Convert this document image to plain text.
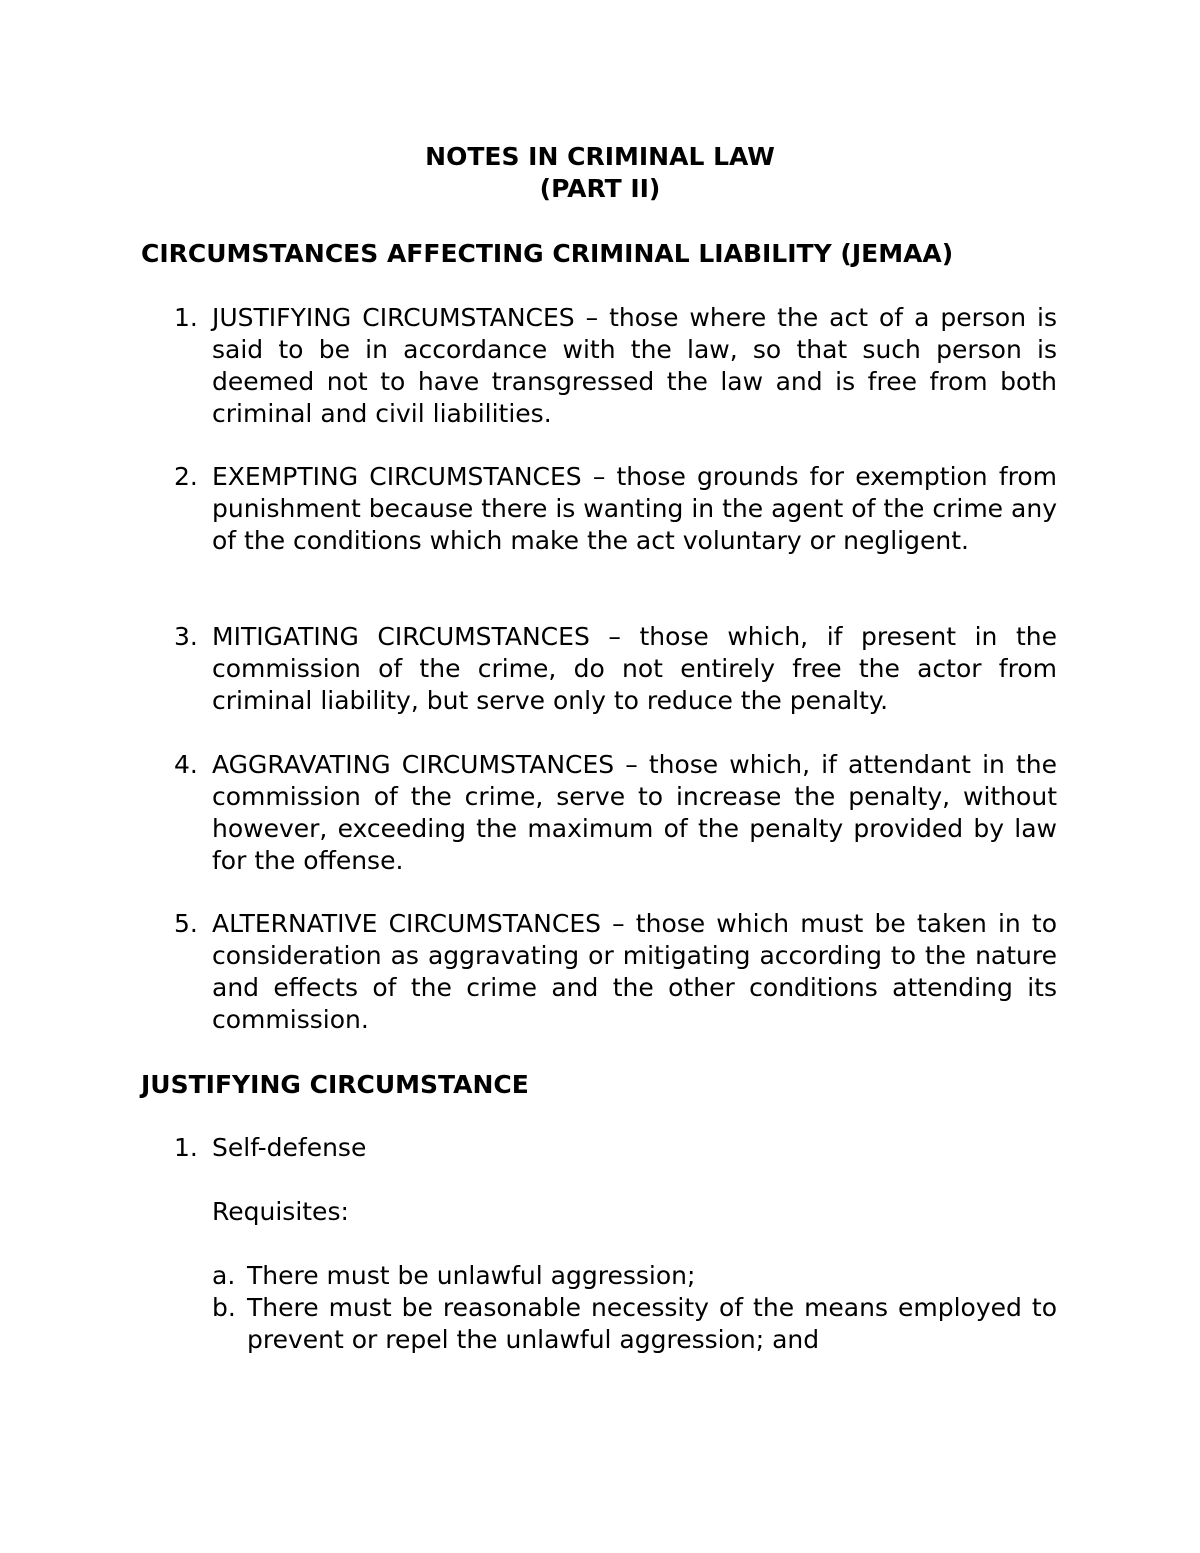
NOTES IN CRIMINAL LAW
(PART II)
CIRCUMSTANCES AFFECTING CRIMINAL LIABILITY (JEMAA)
1. JUSTIFYING CIRCUMSTANCES – those where the act of a person is said to be in accordance with the law, so that such person is deemed not to have transgressed the law and is free from both criminal and civil liabilities.
2. EXEMPTING CIRCUMSTANCES – those grounds for exemption from punishment because there is wanting in the agent of the crime any of the conditions which make the act voluntary or negligent.
3. MITIGATING CIRCUMSTANCES – those which, if present in the commission of the crime, do not entirely free the actor from criminal liability, but serve only to reduce the penalty.
4. AGGRAVATING CIRCUMSTANCES – those which, if attendant in the commission of the crime, serve to increase the penalty, without however, exceeding the maximum of the penalty provided by law for the offense.
5. ALTERNATIVE CIRCUMSTANCES – those which must be taken in to consideration as aggravating or mitigating according to the nature and effects of the crime and the other conditions attending its commission.
JUSTIFYING CIRCUMSTANCE
1. Self-defense
Requisites:
a. There must be unlawful aggression;
b. There must be reasonable necessity of the means employed to prevent or repel the unlawful aggression; and
